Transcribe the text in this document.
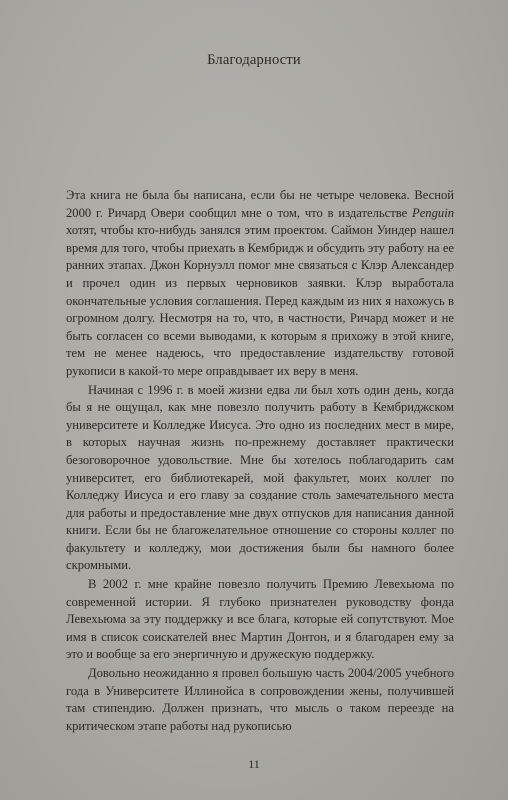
Благодарности

Эта книга не была бы написана, если бы не четыре человека. Весной 2000 г. Ричард Овери сообщил мне о том, что в издательстве Penguin хотят, чтобы кто-нибудь занялся этим проектом. Саймон Уиндер нашел время для того, чтобы приехать в Кембридж и обсудить эту работу на ее ранних этапах. Джон Корнуэлл помог мне связаться с Клэр Александер и прочел один из первых черновиков заявки. Клэр выработала окончательные условия соглашения. Перед каждым из них я нахожусь в огромном долгу. Несмотря на то, что, в частности, Ричард может и не быть согласен со всеми выводами, к которым я прихожу в этой книге, тем не менее надеюсь, что предоставление издательству готовой рукописи в какой-то мере оправдывает их веру в меня.

Начиная с 1996 г. в моей жизни едва ли был хоть один день, когда бы я не ощущал, как мне повезло получить работу в Кембриджском университете и Колледже Иисуса. Это одно из последних мест в мире, в которых научная жизнь по-прежнему доставляет практически безоговорочное удовольствие. Мне бы хотелось поблагодарить сам университет, его библиотекарей, мой факультет, моих коллег по Колледжу Иисуса и его главу за создание столь замечательного места для работы и предоставление мне двух отпусков для написания данной книги. Если бы не благожелательное отношение со стороны коллег по факультету и колледжу, мои достижения были бы намного более скромными.

В 2002 г. мне крайне повезло получить Премию Левехьюма по современной истории. Я глубоко признателен руководству фонда Левехьюма за эту поддержку и все блага, которые ей сопутствуют. Мое имя в список соискателей внес Мартин Донтон, и я благодарен ему за это и вообще за его энергичную и дружескую поддержку.

Довольно неожиданно я провел большую часть 2004/2005 учебного года в Университете Иллинойса в сопровождении жены, получившей там стипендию. Должен признать, что мысль о таком переезде на критическом этапе работы над рукописью

11
